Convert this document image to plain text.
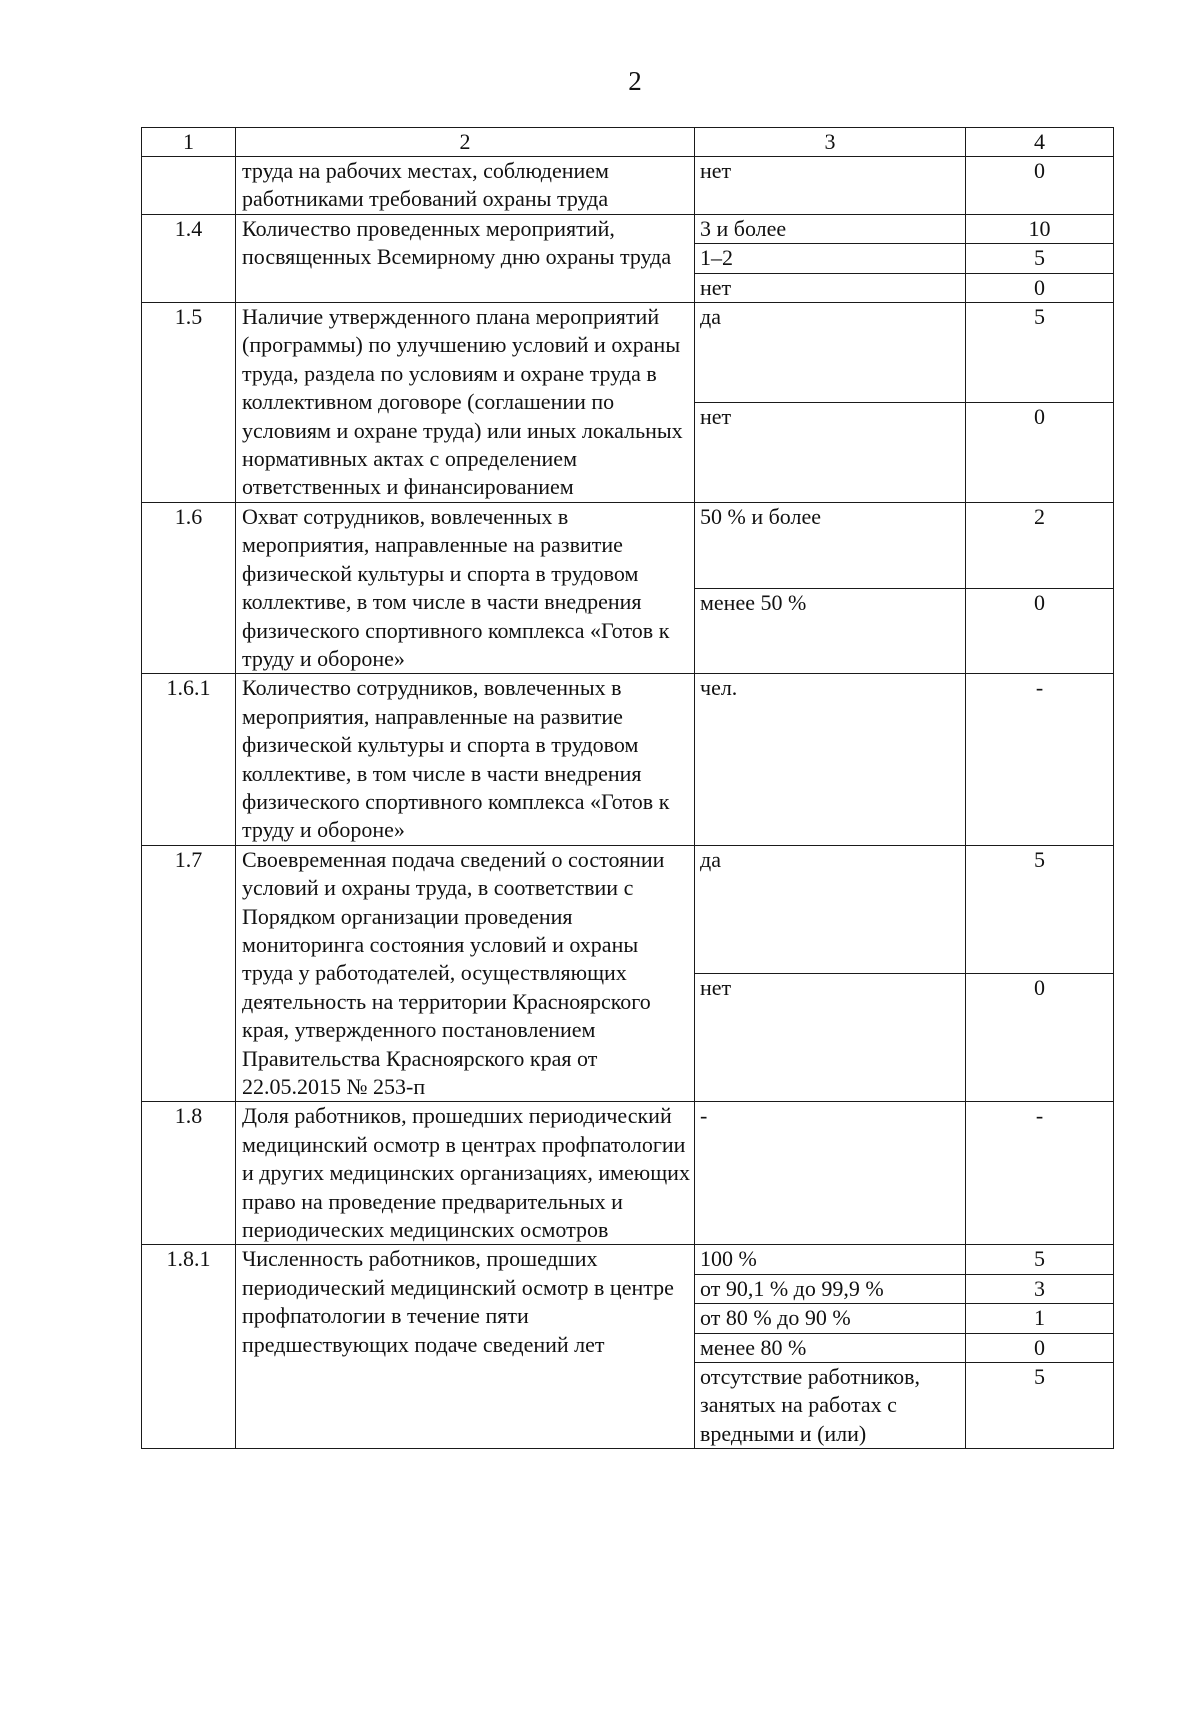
2
1	2	3	4
	труда на рабочих местах, соблюдением работниками требований охраны труда	нет	0
1.4	Количество проведенных мероприятий, посвященных Всемирному дню охраны труда	3 и более	10
		1–2	5
		нет	0
1.5	Наличие утвержденного плана мероприятий (программы) по улучшению условий и охраны труда, раздела по условиям и охране труда в коллективном договоре (соглашении по условиям и охране труда) или иных локальных нормативных актах с определением ответственных и финансированием	да	5
		нет	0
1.6	Охват сотрудников, вовлеченных в мероприятия, направленные на развитие физической культуры и спорта в трудовом коллективе, в том числе в части внедрения физического спортивного комплекса «Готов к труду и обороне»	50 % и более	2
		менее 50 %	0
1.6.1	Количество сотрудников, вовлеченных в мероприятия, направленные на развитие физической культуры и спорта в трудовом коллективе, в том числе в части внедрения физического спортивного комплекса «Готов к труду и обороне»	чел.	-
1.7	Своевременная подача сведений о состоянии условий и охраны труда, в соответствии с Порядком организации проведения мониторинга состояния условий и охраны труда у работодателей, осуществляющих деятельность на территории Красноярского края, утвержденного постановлением Правительства Красноярского края от 22.05.2015 № 253-п	да	5
		нет	0
1.8	Доля работников, прошедших периодический медицинский осмотр в центрах профпатологии и других медицинских организациях, имеющих право на проведение предварительных и периодических медицинских осмотров	-	-
1.8.1	Численность работников, прошедших периодический медицинский осмотр в центре профпатологии в течение пяти предшествующих подаче сведений лет	100 %	5
		от 90,1 % до 99,9 %	3
		от 80 % до 90 %	1
		менее 80 %	0
		отсутствие работников, занятых на работах с вредными и (или)	5
